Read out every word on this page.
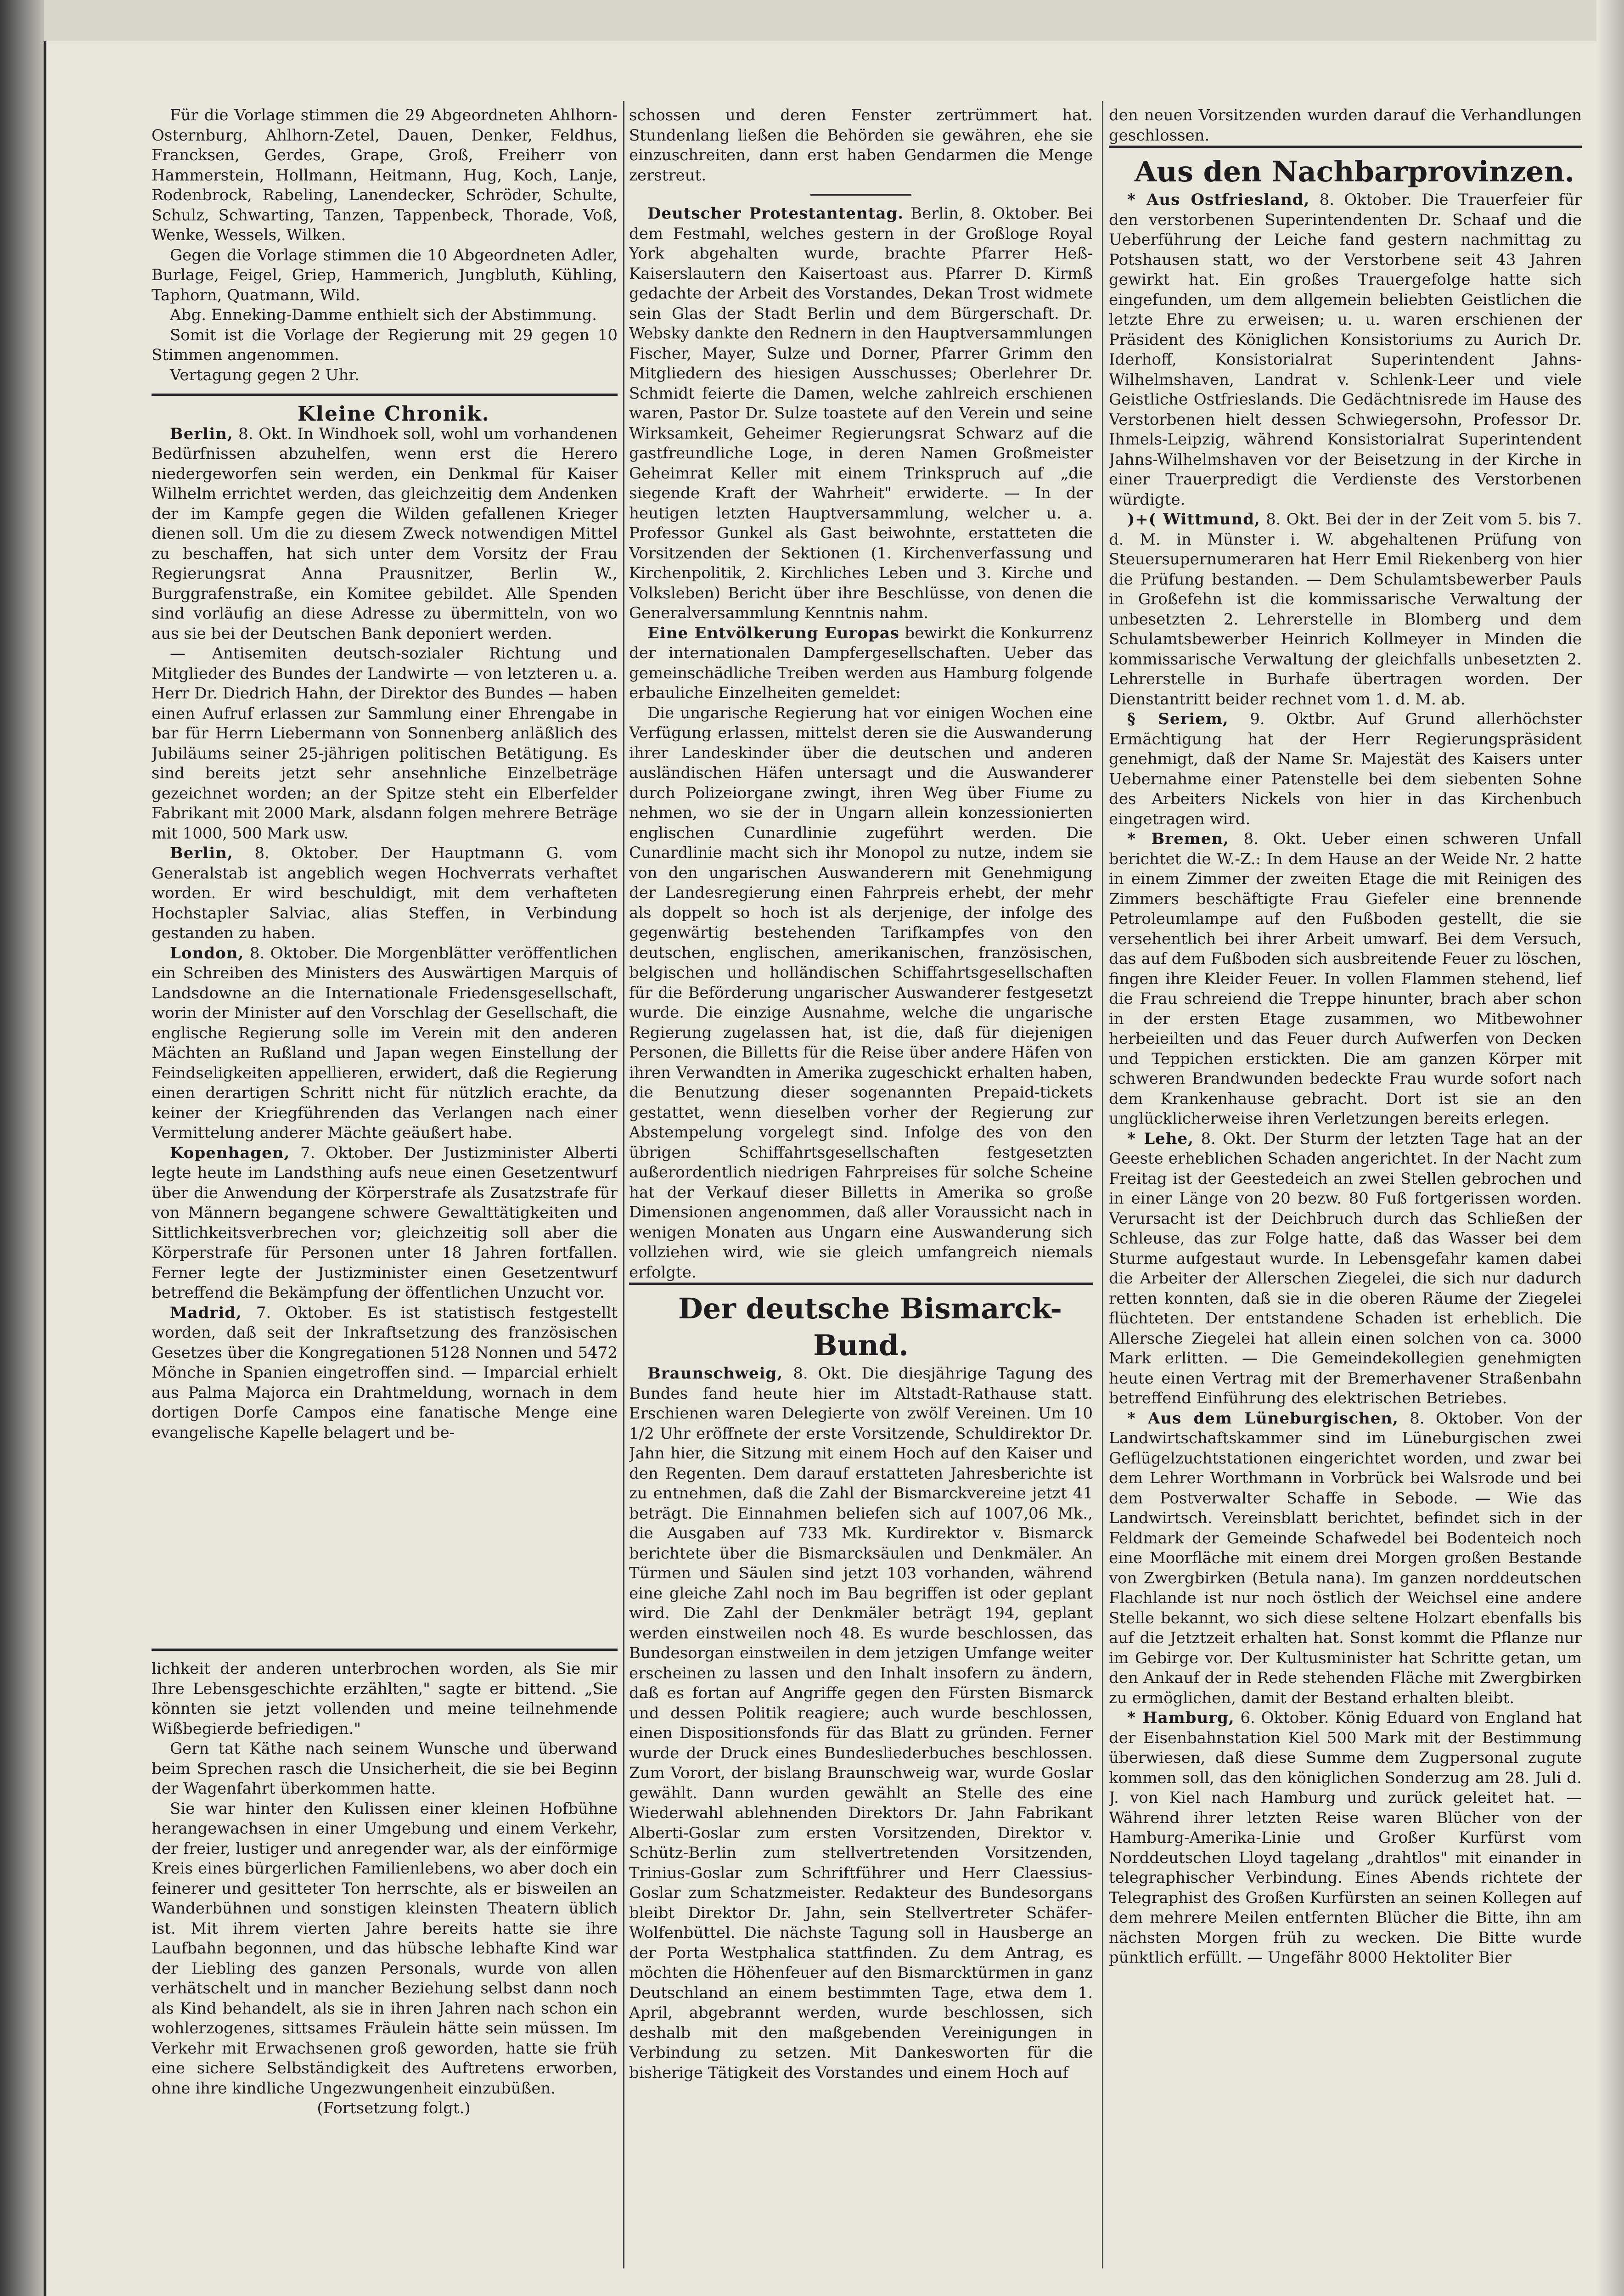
Für die Vorlage stimmen die 29 Abgeordneten Ahlhorn-Osternburg, Ahlhorn-Zetel, Dauen, Denker, Feldhus, Francksen, Gerdes, Grape, Groß, Freiherr von Hammerstein, Hollmann, Heitmann, Hug, Koch, Lanje, Rodenbrock, Rabeling, Lanendecker, Schröder, Schulte, Schulz, Schwarting, Tanzen, Tappenbeck, Thorade, Voß, Wenke, Wessels, Wilken.

Gegen die Vorlage stimmen die 10 Abgeordneten Adler, Burlage, Feigel, Griep, Hammerich, Jungbluth, Kühling, Taphorn, Quatmann, Wild.

Abg. Enneking-Damme enthielt sich der Abstimmung.

Somit ist die Vorlage der Regierung mit 29 gegen 10 Stimmen angenommen.

Vertagung gegen 2 Uhr.

Kleine Chronik.

Berlin, 8. Okt. In Windhoek soll, wohl um vorhandenen Bedürfnissen abzuhelfen, wenn erst die Herero niedergeworfen sein werden, ein Denkmal für Kaiser Wilhelm errichtet werden, das gleichzeitig dem Andenken der im Kampfe gegen die Wilden gefallenen Krieger dienen soll. Um die zu diesem Zweck notwendigen Mittel zu beschaffen, hat sich unter dem Vorsitz der Frau Regierungsrat Anna Prausnitzer, Berlin W., Burggrafenstraße, ein Komitee gebildet. Alle Spenden sind vorläufig an diese Adresse zu übermitteln, von wo aus sie bei der Deutschen Bank deponiert werden.

— Antisemiten deutsch-sozialer Richtung und Mitglieder des Bundes der Landwirte — von letzteren u. a. Herr Dr. Diedrich Hahn, der Direktor des Bundes — haben einen Aufruf erlassen zur Sammlung einer Ehrengabe in bar für Herrn Liebermann von Sonnenberg anläßlich des Jubiläums seiner 25-jährigen politischen Betätigung. Es sind bereits jetzt sehr ansehnliche Einzelbeträge gezeichnet worden; an der Spitze steht ein Elberfelder Fabrikant mit 2000 Mark, alsdann folgen mehrere Beträge mit 1000, 500 Mark usw.

Berlin, 8. Oktober. Der Hauptmann G. vom Generalstab ist angeblich wegen Hochverrats verhaftet worden. Er wird beschuldigt, mit dem verhafteten Hochstapler Salviac, alias Steffen, in Verbindung gestanden zu haben.

London, 8. Oktober. Die Morgenblätter veröffentlichen ein Schreiben des Ministers des Auswärtigen Marquis of Landsdowne an die Internationale Friedensgesellschaft, worin der Minister auf den Vorschlag der Gesellschaft, die englische Regierung solle im Verein mit den anderen Mächten an Rußland und Japan wegen Einstellung der Feindseligkeiten appellieren, erwidert, daß die Regierung einen derartigen Schritt nicht für nützlich erachte, da keiner der Kriegführenden das Verlangen nach einer Vermittelung anderer Mächte geäußert habe.

Kopenhagen, 7. Oktober. Der Justizminister Alberti legte heute im Landsthing aufs neue einen Gesetzentwurf über die Anwendung der Körperstrafe als Zusatzstrafe für von Männern begangene schwere Gewalttätigkeiten und Sittlichkeitsverbrechen vor; gleichzeitig soll aber die Körperstrafe für Personen unter 18 Jahren fortfallen. Ferner legte der Justizminister einen Gesetzentwurf betreffend die Bekämpfung der öffentlichen Unzucht vor.

Madrid, 7. Oktober. Es ist statistisch festgestellt worden, daß seit der Inkraftsetzung des französischen Gesetzes über die Kongregationen 5128 Nonnen und 5472 Mönche in Spanien eingetroffen sind. — Imparcial erhielt aus Palma Majorca ein Drahtmeldung, wornach in dem dortigen Dorfe Campos eine fanatische Menge eine evangelische Kapelle belagert und be-

lichkeit der anderen unterbrochen worden, als Sie mir Ihre Lebensgeschichte erzählten," sagte er bittend. „Sie könnten sie jetzt vollenden und meine teilnehmende Wißbegierde befriedigen."

Gern tat Käthe nach seinem Wunsche und überwand beim Sprechen rasch die Unsicherheit, die sie bei Beginn der Wagenfahrt überkommen hatte.

Sie war hinter den Kulissen einer kleinen Hofbühne herangewachsen in einer Umgebung und einem Verkehr, der freier, lustiger und anregender war, als der einförmige Kreis eines bürgerlichen Familienlebens, wo aber doch ein feinerer und gesitteter Ton herrschte, als er bisweilen an Wanderbühnen und sonstigen kleinsten Theatern üblich ist. Mit ihrem vierten Jahre bereits hatte sie ihre Laufbahn begonnen, und das hübsche lebhafte Kind war der Liebling des ganzen Personals, wurde von allen verhätschelt und in mancher Beziehung selbst dann noch als Kind behandelt, als sie in ihren Jahren nach schon ein wohlerzogenes, sittsames Fräulein hätte sein müssen. Im Verkehr mit Erwachsenen groß geworden, hatte sie früh eine sichere Selbständigkeit des Auftretens erworben, ohne ihre kindliche Ungezwungenheit einzubüßen.

(Fortsetzung folgt.)

schossen und deren Fenster zertrümmert hat. Stundenlang ließen die Behörden sie gewähren, ehe sie einzuschreiten, dann erst haben Gendarmen die Menge zerstreut.

Deutscher Protestantentag. Berlin, 8. Oktober. Bei dem Festmahl, welches gestern in der Großloge Royal York abgehalten wurde, brachte Pfarrer Heß-Kaiserslautern den Kaisertoast aus. Pfarrer D. Kirmß gedachte der Arbeit des Vorstandes, Dekan Trost widmete sein Glas der Stadt Berlin und dem Bürgerschaft. Dr. Websky dankte den Rednern in den Hauptversammlungen Fischer, Mayer, Sulze und Dorner, Pfarrer Grimm den Mitgliedern des hiesigen Ausschusses; Oberlehrer Dr. Schmidt feierte die Damen, welche zahlreich erschienen waren, Pastor Dr. Sulze toastete auf den Verein und seine Wirksamkeit, Geheimer Regierungsrat Schwarz auf die gastfreundliche Loge, in deren Namen Großmeister Geheimrat Keller mit einem Trinkspruch auf „die siegende Kraft der Wahrheit" erwiderte. — In der heutigen letzten Hauptversammlung, welcher u. a. Professor Gunkel als Gast beiwohnte, erstatteten die Vorsitzenden der Sektionen (1. Kirchenverfassung und Kirchenpolitik, 2. Kirchliches Leben und 3. Kirche und Volksleben) Bericht über ihre Beschlüsse, von denen die Generalversammlung Kenntnis nahm.

Eine Entvölkerung Europas bewirkt die Konkurrenz der internationalen Dampfergesellschaften. Ueber das gemeinschädliche Treiben werden aus Hamburg folgende erbauliche Einzelheiten gemeldet:

Die ungarische Regierung hat vor einigen Wochen eine Verfügung erlassen, mittelst deren sie die Auswanderung ihrer Landeskinder über die deutschen und anderen ausländischen Häfen untersagt und die Auswanderer durch Polizeiorgane zwingt, ihren Weg über Fiume zu nehmen, wo sie der in Ungarn allein konzessionierten englischen Cunardlinie zugeführt werden. Die Cunardlinie macht sich ihr Monopol zu nutze, indem sie von den ungarischen Auswanderern mit Genehmigung der Landesregierung einen Fahrpreis erhebt, der mehr als doppelt so hoch ist als derjenige, der infolge des gegenwärtig bestehenden Tarifkampfes von den deutschen, englischen, amerikanischen, französischen, belgischen und holländischen Schiffahrtsgesellschaften für die Beförderung ungarischer Auswanderer festgesetzt wurde. Die einzige Ausnahme, welche die ungarische Regierung zugelassen hat, ist die, daß für diejenigen Personen, die Billetts für die Reise über andere Häfen von ihren Verwandten in Amerika zugeschickt erhalten haben, die Benutzung dieser sogenannten Prepaid-tickets gestattet, wenn dieselben vorher der Regierung zur Abstempelung vorgelegt sind. Infolge des von den übrigen Schiffahrtsgesellschaften festgesetzten außerordentlich niedrigen Fahrpreises für solche Scheine hat der Verkauf dieser Billetts in Amerika so große Dimensionen angenommen, daß aller Voraussicht nach in wenigen Monaten aus Ungarn eine Auswanderung sich vollziehen wird, wie sie gleich umfangreich niemals erfolgte.

Der deutsche Bismarck-Bund.

Braunschweig, 8. Okt. Die diesjährige Tagung des Bundes fand heute hier im Altstadt-Rathause statt. Erschienen waren Delegierte von zwölf Vereinen. Um 10 1/2 Uhr eröffnete der erste Vorsitzende, Schuldirektor Dr. Jahn hier, die Sitzung mit einem Hoch auf den Kaiser und den Regenten. Dem darauf erstatteten Jahresberichte ist zu entnehmen, daß die Zahl der Bismarckvereine jetzt 41 beträgt. Die Einnahmen beliefen sich auf 1007,06 Mk., die Ausgaben auf 733 Mk. Kurdirektor v. Bismarck berichtete über die Bismarcksäulen und Denkmäler. An Türmen und Säulen sind jetzt 103 vorhanden, während eine gleiche Zahl noch im Bau begriffen ist oder geplant wird. Die Zahl der Denkmäler beträgt 194, geplant werden einstweilen noch 48. Es wurde beschlossen, das Bundesorgan einstweilen in dem jetzigen Umfange weiter erscheinen zu lassen und den Inhalt insofern zu ändern, daß es fortan auf Angriffe gegen den Fürsten Bismarck und dessen Politik reagiere; auch wurde beschlossen, einen Dispositionsfonds für das Blatt zu gründen. Ferner wurde der Druck eines Bundesliederbuches beschlossen. Zum Vorort, der bislang Braunschweig war, wurde Goslar gewählt. Dann wurden gewählt an Stelle des eine Wiederwahl ablehnenden Direktors Dr. Jahn Fabrikant Alberti-Goslar zum ersten Vorsitzenden, Direktor v. Schütz-Berlin zum stellvertretenden Vorsitzenden, Trinius-Goslar zum Schriftführer und Herr Claessius-Goslar zum Schatzmeister. Redakteur des Bundesorgans bleibt Direktor Dr. Jahn, sein Stellvertreter Schäfer-Wolfenbüttel. Die nächste Tagung soll in Hausberge an der Porta Westphalica stattfinden. Zu dem Antrag, es möchten die Höhenfeuer auf den Bismarcktürmen in ganz Deutschland an einem bestimmten Tage, etwa dem 1. April, abgebrannt werden, wurde beschlossen, sich deshalb mit den maßgebenden Vereinigungen in Verbindung zu setzen. Mit Dankesworten für die bisherige Tätigkeit des Vorstandes und einem Hoch auf

den neuen Vorsitzenden wurden darauf die Verhandlungen geschlossen.

Aus den Nachbarprovinzen.

* Aus Ostfriesland, 8. Oktober. Die Trauerfeier für den verstorbenen Superintendenten Dr. Schaaf und die Ueberführung der Leiche fand gestern nachmittag zu Potshausen statt, wo der Verstorbene seit 43 Jahren gewirkt hat. Ein großes Trauergefolge hatte sich eingefunden, um dem allgemein beliebten Geistlichen die letzte Ehre zu erweisen; u. u. waren erschienen der Präsident des Königlichen Konsistoriums zu Aurich Dr. Iderhoff, Konsistorialrat Superintendent Jahns-Wilhelmshaven, Landrat v. Schlenk-Leer und viele Geistliche Ostfrieslands. Die Gedächtnisrede im Hause des Verstorbenen hielt dessen Schwiegersohn, Professor Dr. Ihmels-Leipzig, während Konsistorialrat Superintendent Jahns-Wilhelmshaven vor der Beisetzung in der Kirche in einer Trauerpredigt die Verdienste des Verstorbenen würdigte.

)+( Wittmund, 8. Okt. Bei der in der Zeit vom 5. bis 7. d. M. in Münster i. W. abgehaltenen Prüfung von Steuersupernumeraren hat Herr Emil Riekenberg von hier die Prüfung bestanden. — Dem Schulamtsbewerber Pauls in Großefehn ist die kommissarische Verwaltung der unbesetzten 2. Lehrerstelle in Blomberg und dem Schulamtsbewerber Heinrich Kollmeyer in Minden die kommissarische Verwaltung der gleichfalls unbesetzten 2. Lehrerstelle in Burhafe übertragen worden. Der Dienstantritt beider rechnet vom 1. d. M. ab.

§ Seriem, 9. Oktbr. Auf Grund allerhöchster Ermächtigung hat der Herr Regierungspräsident genehmigt, daß der Name Sr. Majestät des Kaisers unter Uebernahme einer Patenstelle bei dem siebenten Sohne des Arbeiters Nickels von hier in das Kirchenbuch eingetragen wird.

* Bremen, 8. Okt. Ueber einen schweren Unfall berichtet die W.-Z.: In dem Hause an der Weide Nr. 2 hatte in einem Zimmer der zweiten Etage die mit Reinigen des Zimmers beschäftigte Frau Giefeler eine brennende Petroleumlampe auf den Fußboden gestellt, die sie versehentlich bei ihrer Arbeit umwarf. Bei dem Versuch, das auf dem Fußboden sich ausbreitende Feuer zu löschen, fingen ihre Kleider Feuer. In vollen Flammen stehend, lief die Frau schreiend die Treppe hinunter, brach aber schon in der ersten Etage zusammen, wo Mitbewohner herbeieilten und das Feuer durch Aufwerfen von Decken und Teppichen erstickten. Die am ganzen Körper mit schweren Brandwunden bedeckte Frau wurde sofort nach dem Krankenhause gebracht. Dort ist sie an den unglücklicherweise ihren Verletzungen bereits erlegen.

* Lehe, 8. Okt. Der Sturm der letzten Tage hat an der Geeste erheblichen Schaden angerichtet. In der Nacht zum Freitag ist der Geestedeich an zwei Stellen gebrochen und in einer Länge von 20 bezw. 80 Fuß fortgerissen worden. Verursacht ist der Deichbruch durch das Schließen der Schleuse, das zur Folge hatte, daß das Wasser bei dem Sturme aufgestaut wurde. In Lebensgefahr kamen dabei die Arbeiter der Allerschen Ziegelei, die sich nur dadurch retten konnten, daß sie in die oberen Räume der Ziegelei flüchteten. Der entstandene Schaden ist erheblich. Die Allersche Ziegelei hat allein einen solchen von ca. 3000 Mark erlitten. — Die Gemeindekollegien genehmigten heute einen Vertrag mit der Bremerhavener Straßenbahn betreffend Einführung des elektrischen Betriebes.

* Aus dem Lüneburgischen, 8. Oktober. Von der Landwirtschaftskammer sind im Lüneburgischen zwei Geflügelzuchtstationen eingerichtet worden, und zwar bei dem Lehrer Worthmann in Vorbrück bei Walsrode und bei dem Postverwalter Schaffe in Sebode. — Wie das Landwirtsch. Vereinsblatt berichtet, befindet sich in der Feldmark der Gemeinde Schafwedel bei Bodenteich noch eine Moorfläche mit einem drei Morgen großen Bestande von Zwergbirken (Betula nana). Im ganzen norddeutschen Flachlande ist nur noch östlich der Weichsel eine andere Stelle bekannt, wo sich diese seltene Holzart ebenfalls bis auf die Jetztzeit erhalten hat. Sonst kommt die Pflanze nur im Gebirge vor. Der Kultusminister hat Schritte getan, um den Ankauf der in Rede stehenden Fläche mit Zwergbirken zu ermöglichen, damit der Bestand erhalten bleibt.

* Hamburg, 6. Oktober. König Eduard von England hat der Eisenbahnstation Kiel 500 Mark mit der Bestimmung überwiesen, daß diese Summe dem Zugpersonal zugute kommen soll, das den königlichen Sonderzug am 28. Juli d. J. von Kiel nach Hamburg und zurück geleitet hat. — Während ihrer letzten Reise waren Blücher von der Hamburg-Amerika-Linie und Großer Kurfürst vom Norddeutschen Lloyd tagelang „drahtlos" mit einander in telegraphischer Verbindung. Eines Abends richtete der Telegraphist des Großen Kurfürsten an seinen Kollegen auf dem mehrere Meilen entfernten Blücher die Bitte, ihn am nächsten Morgen früh zu wecken. Die Bitte wurde pünktlich erfüllt. — Ungefähr 8000 Hektoliter Bier
